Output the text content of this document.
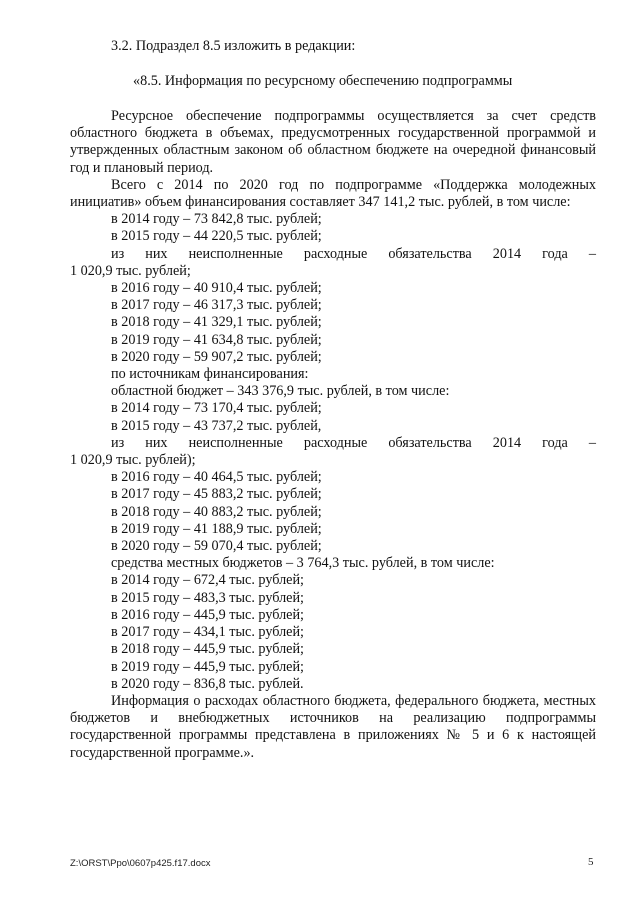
3.2. Подраздел 8.5 изложить в редакции:
«8.5. Информация по ресурсному обеспечению подпрограммы

Ресурсное обеспечение подпрограммы осуществляется за счет средств областного бюджета в объемах, предусмотренных государственной программой и утвержденных областным законом об областном бюджете на очередной финансовый год и плановый период.

Всего с 2014 по 2020 год по подпрограмме «Поддержка молодежных инициатив» объем финансирования составляет 347 141,2 тыс. рублей, в том числе:

в 2014 году – 73 842,8 тыс. рублей;

в 2015 году – 44 220,5 тыс. рублей;

из них неисполненные расходные обязательства 2014 года –

1 020,9 тыс. рублей;

в 2016 году – 40 910,4 тыс. рублей;

в 2017 году – 46 317,3 тыс. рублей;

в 2018 году – 41 329,1 тыс. рублей;

в 2019 году – 41 634,8 тыс. рублей;

в 2020 году – 59 907,2 тыс. рублей;

по источникам финансирования:

областной бюджет – 343 376,9 тыс. рублей, в том числе:

в 2014 году – 73 170,4 тыс. рублей;

в 2015 году – 43 737,2 тыс. рублей,

из них неисполненные расходные обязательства 2014 года –

1 020,9 тыс. рублей);

в 2016 году – 40 464,5 тыс. рублей;

в 2017 году – 45 883,2 тыс. рублей;

в 2018 году – 40 883,2 тыс. рублей;

в 2019 году – 41 188,9 тыс. рублей;

в 2020 году – 59 070,4 тыс. рублей;

средства местных бюджетов – 3 764,3 тыс. рублей, в том числе:

в 2014 году – 672,4 тыс. рублей;

в 2015 году – 483,3 тыс. рублей;

в 2016 году – 445,9 тыс. рублей;

в 2017 году – 434,1 тыс. рублей;

в 2018 году – 445,9 тыс. рублей;

в 2019 году – 445,9 тыс. рублей;

в 2020 году – 836,8 тыс. рублей.

Информация о расходах областного бюджета, федерального бюджета, местных бюджетов и внебюджетных источников на реализацию подпрограммы государственной программы представлена в приложениях № 5 и 6 к настоящей государственной программе.».

Z:\ORST\Ppo\0607p425.f17.docx	5
